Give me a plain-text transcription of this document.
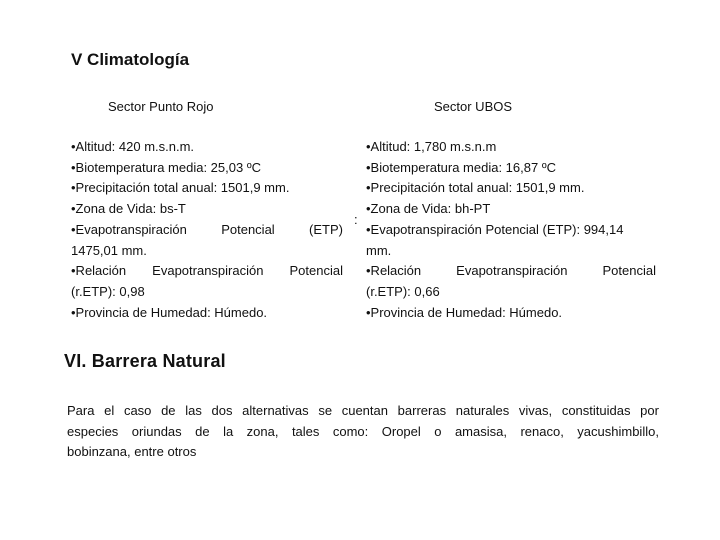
V Climatología
Sector Punto Rojo	Sector UBOS
•Altitud: 420 m.s.n.m.
•Biotemperatura media: 25,03 ºC
•Precipitación total anual: 1501,9 mm.
•Zona de Vida: bs-T
•Evapotranspiración	Potencial	(ETP)
1475,01 mm.
•Relación Evapotranspiración Potencial
(r.ETP): 0,98
•Provincia de Humedad: Húmedo.
:
•Altitud: 1,780 m.s.n.m
•Biotemperatura media: 16,87 ºC
•Precipitación total anual: 1501,9 mm.
•Zona de Vida: bh-PT
•Evapotranspiración Potencial (ETP): 994,14
mm.
•Relación	Evapotranspiración	Potencial
(r.ETP): 0,66
•Provincia de Humedad: Húmedo.
VI. Barrera Natural
Para el caso de las dos alternativas se cuentan barreras naturales vivas, constituidas por
especies oriundas de la zona, tales como: Oropel o amasisa, renaco, yacushimbillo,
bobinzana, entre otros
